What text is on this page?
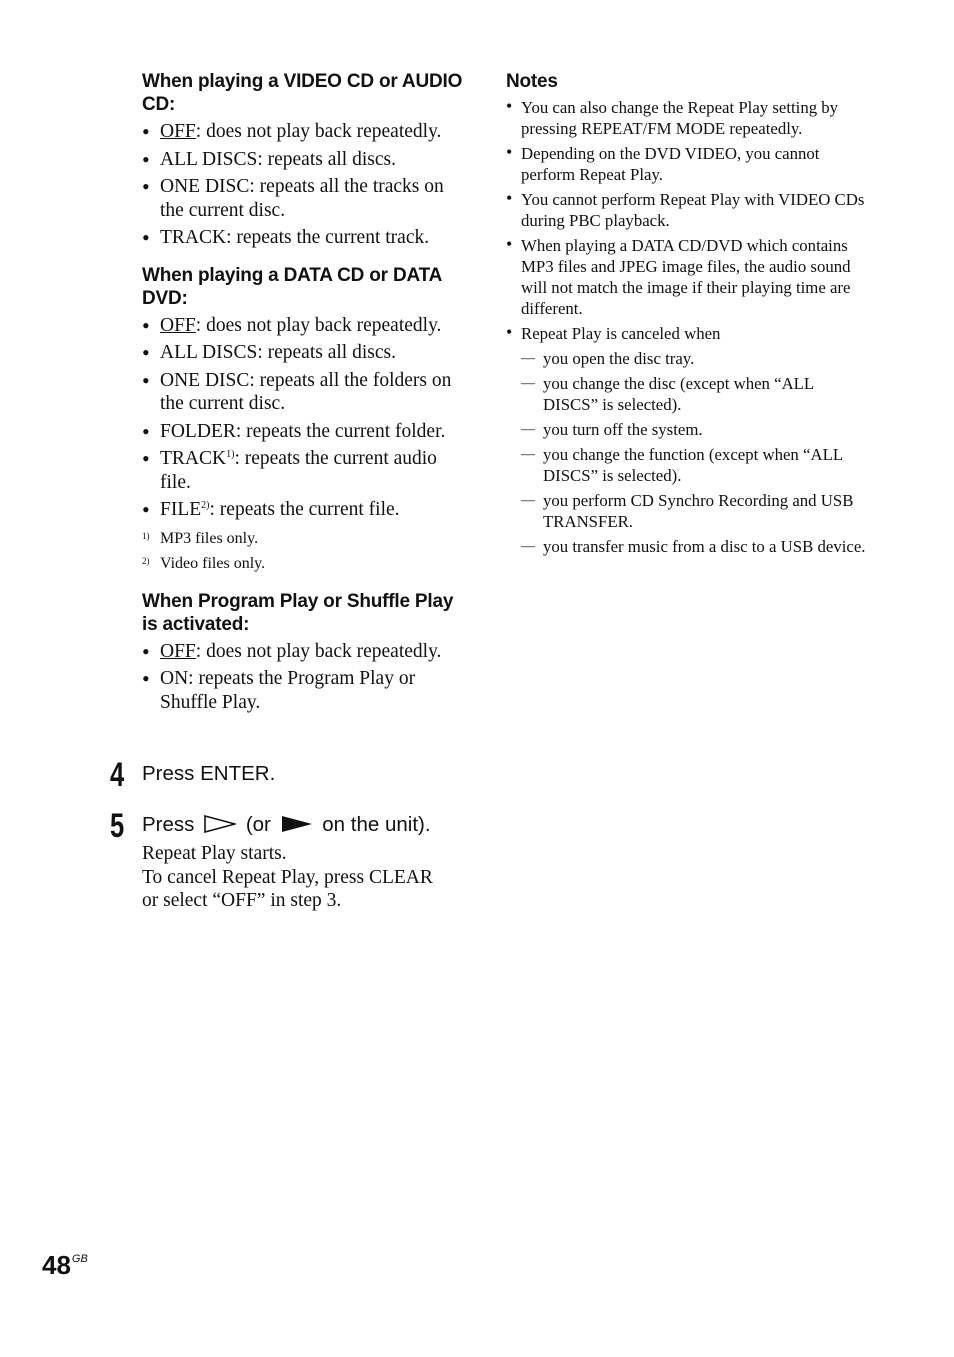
When playing a VIDEO CD or AUDIO CD:
• OFF: does not play back repeatedly.
• ALL DISCS: repeats all discs.
• ONE DISC: repeats all the tracks on the current disc.
• TRACK: repeats the current track.
When playing a DATA CD or DATA DVD:
• OFF: does not play back repeatedly.
• ALL DISCS: repeats all discs.
• ONE DISC: repeats all the folders on the current disc.
• FOLDER: repeats the current folder.
• TRACK$^{1)}$: repeats the current audio file.
• FILE$^{2)}$: repeats the current file.
1) MP3 files only.
2) Video files only.
When Program Play or Shuffle Play is activated:
• OFF: does not play back repeatedly.
• ON: repeats the Program Play or Shuffle Play.
4 Press ENTER.
5 Press	(or	on the unit).
Repeat Play starts.
To cancel Repeat Play, press CLEAR
or select “OFF” in step 3.
Notes
• You can also change the Repeat Play setting by pressing REPEAT/FM MODE repeatedly.
• Depending on the DVD VIDEO, you cannot perform Repeat Play.
• You cannot perform Repeat Play with VIDEO CDs during PBC playback.
• When playing a DATA CD/DVD which contains MP3 files and JPEG image files, the audio sound will not match the image if their playing time are different.
• Repeat Play is canceled when
— you open the disc tray.
— you change the disc (except when “ALL DISCS” is selected).
— you turn off the system.
— you change the function (except when “ALL DISCS” is selected).
— you perform CD Synchro Recording and USB TRANSFER.
— you transfer music from a disc to a USB device.
$48^{GB}$
